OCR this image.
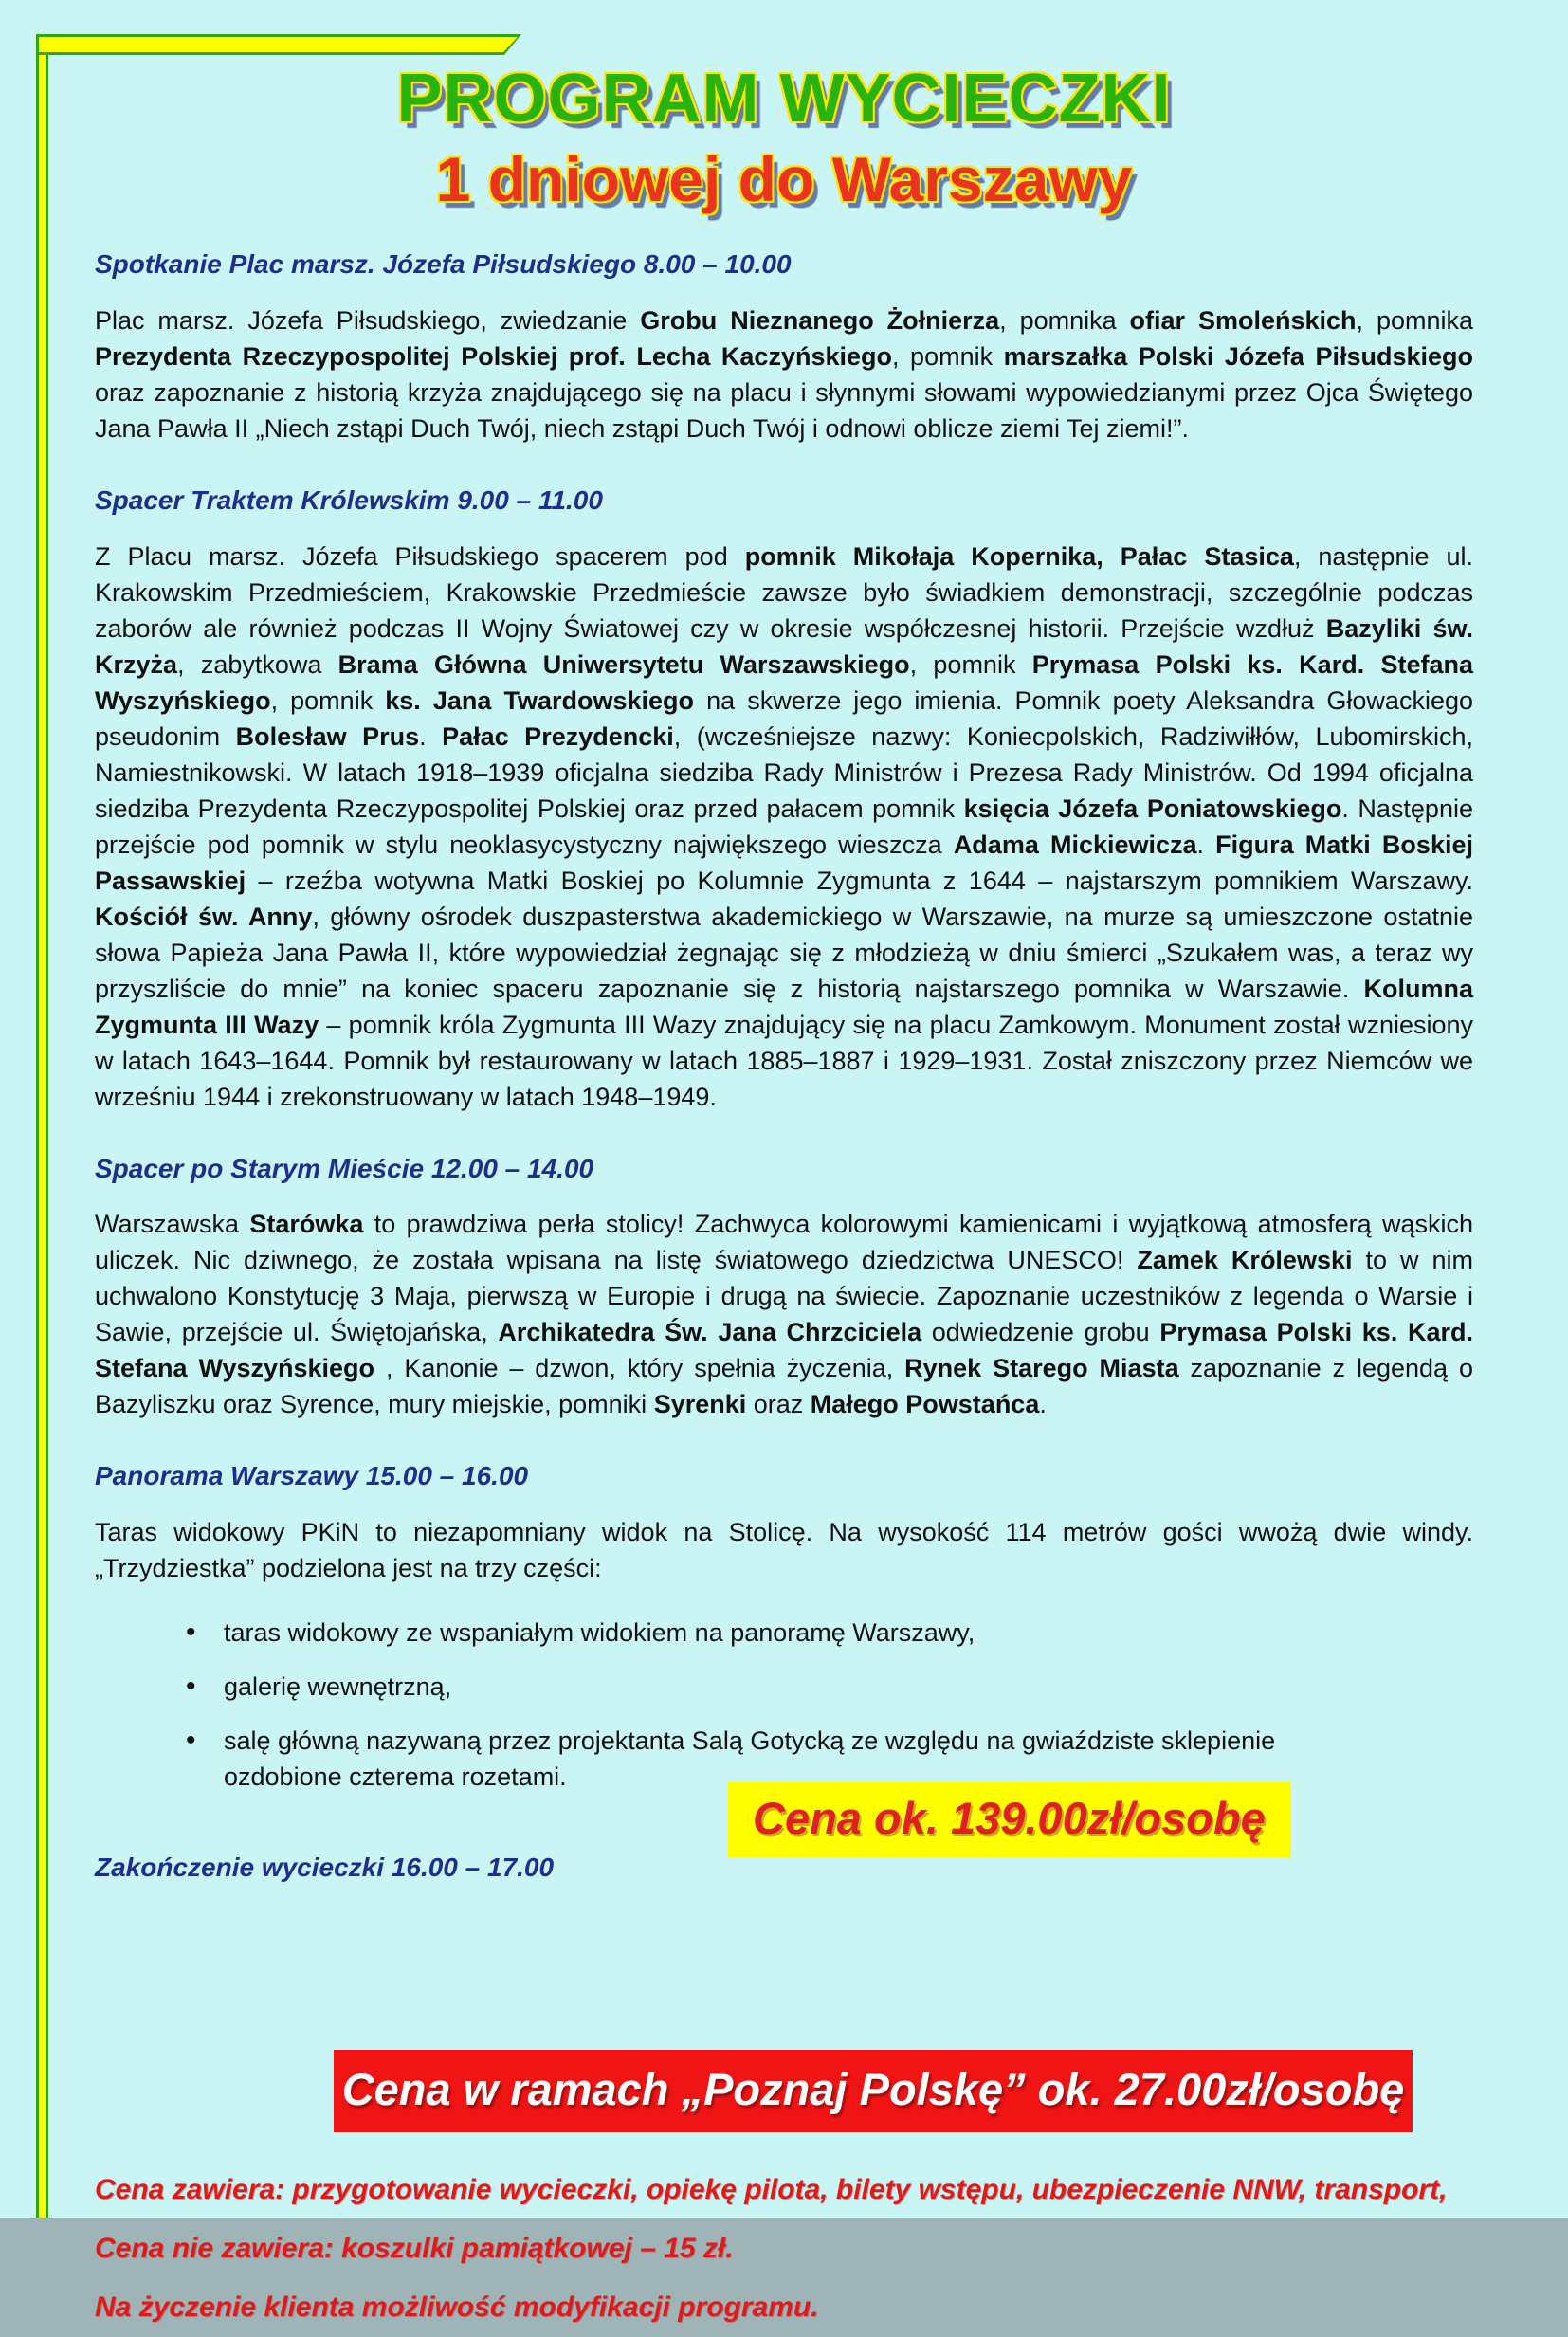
PROGRAM WYCIECZKI
1 dniowej do Warszawy
Spotkanie Plac marsz. Józefa Piłsudskiego 8.00 – 10.00

Plac marsz. Józefa Piłsudskiego, zwiedzanie Grobu Nieznanego Żołnierza, pomnika ofiar Smoleńskich, pomnika Prezydenta Rzeczypospolitej Polskiej prof. Lecha Kaczyńskiego, pomnik marszałka Polski Józefa Piłsudskiego oraz zapoznanie z historią krzyża znajdującego się na placu i słynnymi słowami wypowiedzianymi przez Ojca Świętego Jana Pawła II „Niech zstąpi Duch Twój, niech zstąpi Duch Twój i odnowi oblicze ziemi Tej ziemi!”.

Spacer Traktem Królewskim 9.00 – 11.00

Z Placu marsz. Józefa Piłsudskiego spacerem pod pomnik Mikołaja Kopernika, Pałac Stasica, następnie ul. Krakowskim Przedmieściem, Krakowskie Przedmieście zawsze było świadkiem demonstracji, szczególnie podczas zaborów ale również podczas II Wojny Światowej czy w okresie współczesnej historii. Przejście wzdłuż Bazyliki św. Krzyża, zabytkowa Brama Główna Uniwersytetu Warszawskiego, pomnik Prymasa Polski ks. Kard. Stefana Wyszyńskiego, pomnik ks. Jana Twardowskiego na skwerze jego imienia. Pomnik poety Aleksandra Głowackiego pseudonim Bolesław Prus. Pałac Prezydencki, (wcześniejsze nazwy: Koniecpolskich, Radziwiłłów, Lubomirskich, Namiestnikowski. W latach 1918–1939 oficjalna siedziba Rady Ministrów i Prezesa Rady Ministrów. Od 1994 oficjalna siedziba Prezydenta Rzeczypospolitej Polskiej oraz przed pałacem pomnik księcia Józefa Poniatowskiego. Następnie przejście pod pomnik w stylu neoklasycystyczny największego wieszcza Adama Mickiewicza. Figura Matki Boskiej Passawskiej – rzeźba wotywna Matki Boskiej po Kolumnie Zygmunta z 1644 – najstarszym pomnikiem Warszawy. Kościół św. Anny, główny ośrodek duszpasterstwa akademickiego w Warszawie, na murze są umieszczone ostatnie słowa Papieża Jana Pawła II, które wypowiedział żegnając się z młodzieżą w dniu śmierci „Szukałem was, a teraz wy przyszliście do mnie” na koniec spaceru zapoznanie się z historią najstarszego pomnika w Warszawie. Kolumna Zygmunta III Wazy – pomnik króla Zygmunta III Wazy znajdujący się na placu Zamkowym. Monument został wzniesiony w latach 1643–1644. Pomnik był restaurowany w latach 1885–1887 i 1929–1931. Został zniszczony przez Niemców we wrześniu 1944 i zrekonstruowany w latach 1948–1949.

Spacer po Starym Mieście 12.00 – 14.00

Warszawska Starówka to prawdziwa perła stolicy! Zachwyca kolorowymi kamienicami i wyjątkową atmosferą wąskich uliczek. Nic dziwnego, że została wpisana na listę światowego dziedzictwa UNESCO! Zamek Królewski to w nim uchwalono Konstytucję 3 Maja, pierwszą w Europie i drugą na świecie. Zapoznanie uczestników z legenda o Warsie i Sawie, przejście ul. Świętojańska, Archikatedra Św. Jana Chrzciciela odwiedzenie grobu Prymasa Polski ks. Kard. Stefana Wyszyńskiego , Kanonie – dzwon, który spełnia życzenia, Rynek Starego Miasta zapoznanie z legendą o Bazyliszku oraz Syrence, mury miejskie, pomniki Syrenki oraz Małego Powstańca.

Panorama Warszawy 15.00 – 16.00

Taras widokowy PKiN to niezapomniany widok na Stolicę. Na wysokość 114 metrów gości wwożą dwie windy. „Trzydziestka” podzielona jest na trzy części:

• taras widokowy ze wspaniałym widokiem na panoramę Warszawy,
• galerię wewnętrzną,
• salę główną nazywaną przez projektanta Salą Gotycką ze względu na gwiaździste sklepienie ozdobione czterema rozetami.
Zakończenie wycieczki 16.00 – 17.00
Cena ok. 139.00zł/osobę
Cena w ramach „Poznaj Polskę” ok. 27.00zł/osobę
Cena zawiera: przygotowanie wycieczki, opiekę pilota, bilety wstępu, ubezpieczenie NNW, transport,
Cena nie zawiera: koszulki pamiątkowej – 15 zł.
Na życzenie klienta możliwość modyfikacji programu.
